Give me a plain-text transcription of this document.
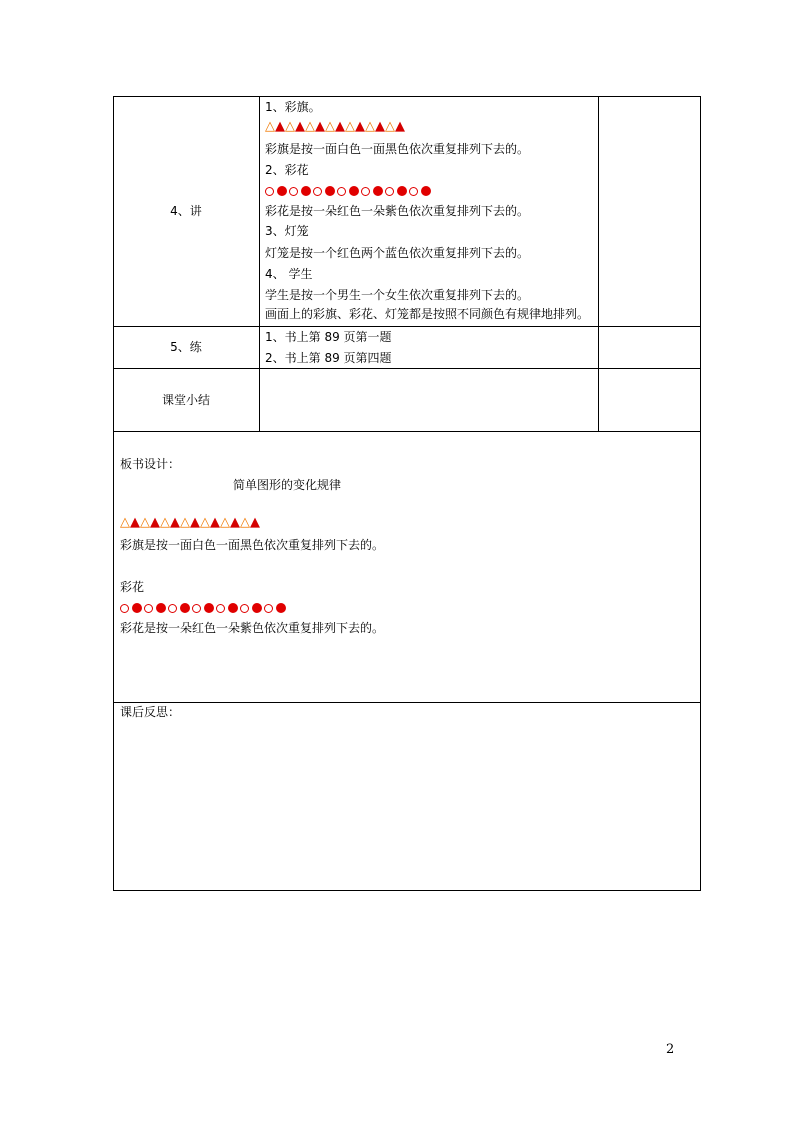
4、讲
1、彩旗。
△ ▲ △ ▲ △ ▲ △ ▲ △ ▲ △ ▲ △ ▲
彩旗是按一面白色一面黑色依次重复排列下去的。
2、彩花
彩花是按一朵红色一朵紫色依次重复排列下去的。
3、灯笼
灯笼是按一个红色两个蓝色依次重复排列下去的。
4、 学生
学生是按一个男生一个女生依次重复排列下去的。
画面上的彩旗、彩花、灯笼都是按照不同颜色有规律地排列。
5、练
1、书上第 89 页第一题
2、书上第 89 页第四题
课堂小结
板书设计：
简单图形的变化规律
△ ▲ △ ▲ △ ▲ △ ▲ △ ▲ △ ▲ △ ▲
彩旗是按一面白色一面黑色依次重复排列下去的。
彩花
彩花是按一朵红色一朵紫色依次重复排列下去的。
课后反思：
2
